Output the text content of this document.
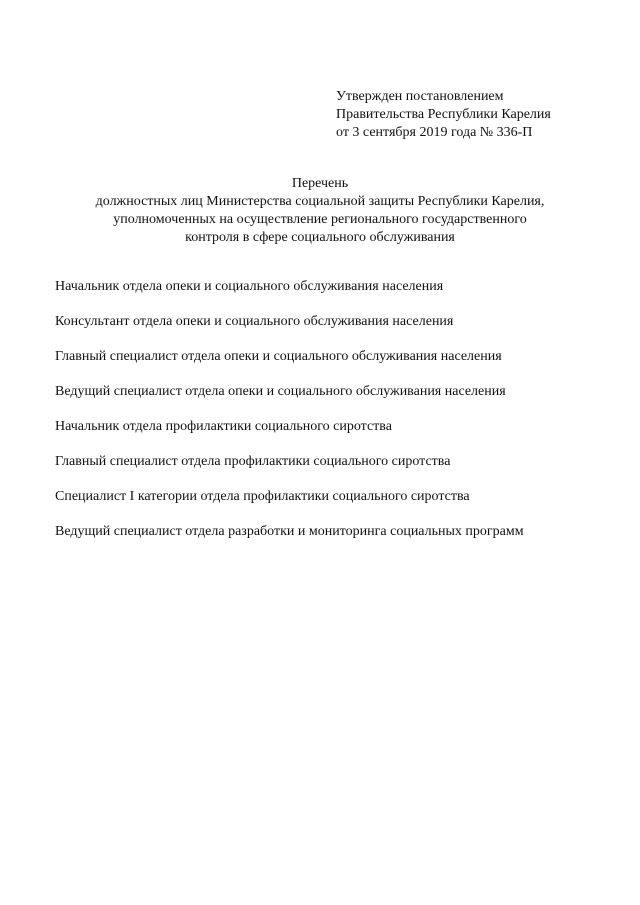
Утвержден постановлением
Правительства Республики Карелия
от 3 сентября 2019 года № 336-П
Перечень
должностных лиц Министерства социальной защиты Республики Карелия,
уполномоченных на осуществление регионального государственного
контроля в сфере социального обслуживания
Начальник отдела опеки и социального обслуживания населения
Консультант отдела опеки и социального обслуживания населения
Главный специалист отдела опеки и социального обслуживания населения
Ведущий специалист отдела опеки и социального обслуживания населения
Начальник отдела профилактики социального сиротства
Главный специалист отдела профилактики социального сиротства
Специалист I категории отдела профилактики социального сиротства
Ведущий специалист отдела разработки и мониторинга социальных программ
